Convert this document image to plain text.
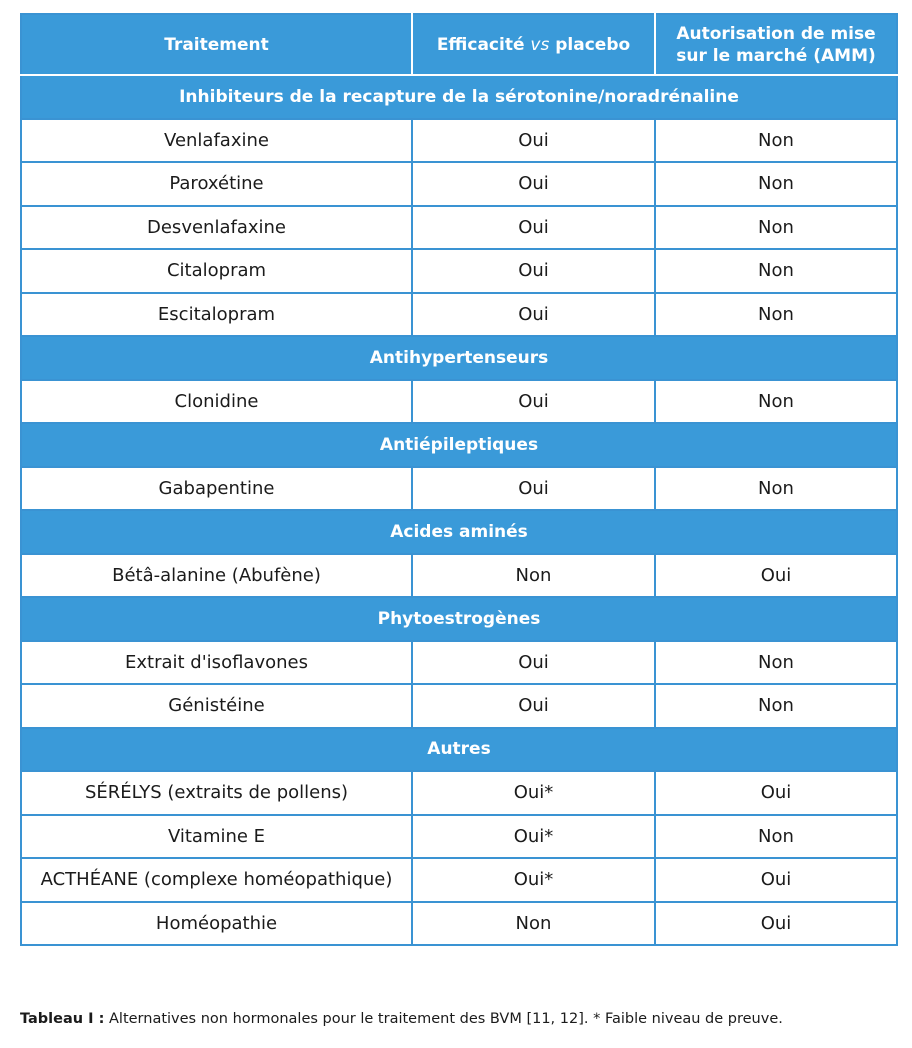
Traitement	Efficacité vs placebo	Autorisation de mise
sur le marché (AMM)
Inhibiteurs de la recapture de la sérotonine/noradrénaline		
Venlafaxine	Oui	Non
Paroxétine	Oui	Non
Desvenlafaxine	Oui	Non
Citalopram	Oui	Non
Escitalopram	Oui	Non
Antihypertenseurs		
Clonidine	Oui	Non
Antiépileptiques		
Gabapentine	Oui	Non
Acides aminés		
Bétâ-alanine (Abufène)	Non	Oui
Phytoestrogènes		
Extrait d'isoflavones	Oui	Non
Génistéine	Oui	Non
Autres		
SÉRÉLYS (extraits de pollens)	Oui*	Oui
Vitamine E	Oui*	Non
ACTHÉANE (complexe homéopathique)	Oui*	Oui
Homéopathie	Non	Oui
Tableau I : Alternatives non hormonales pour le traitement des BVM [11, 12]. * Faible niveau de preuve.
